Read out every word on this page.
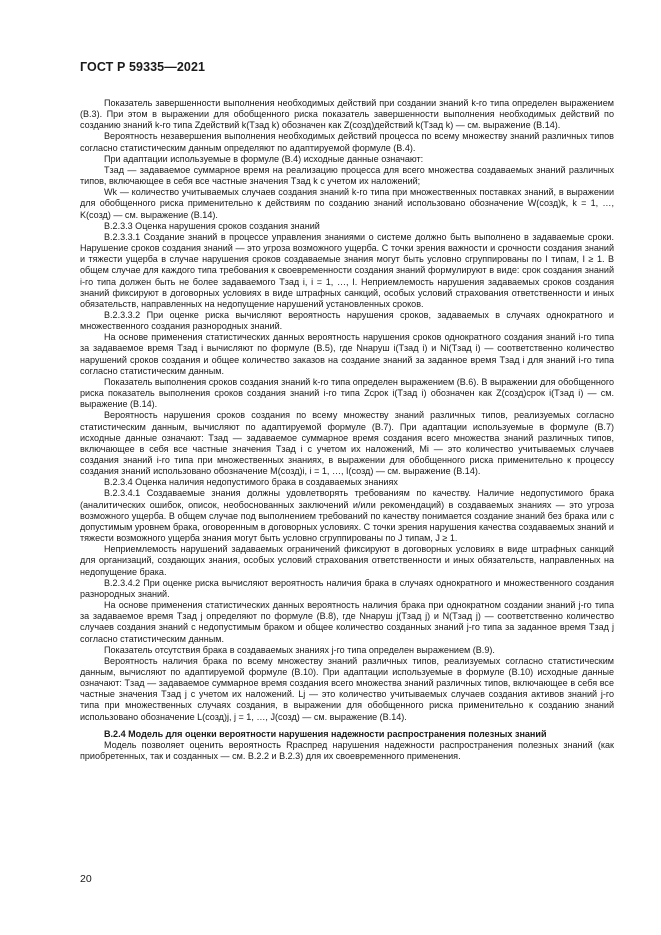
ГОСТ Р 59335—2021

Показатель завершенности выполнения необходимых действий при создании знаний k-го типа определен выражением (B.3). При этом в выражении для обобщенного риска показатель завершенности выполнения необходимых действий по созданию знаний k-го типа Zдействий k(Tзад k) обозначен как Z(созд)действий k(Tзад k) — см. выражение (B.14).

Вероятность незавершения выполнения необходимых действий процесса по всему множеству знаний различных типов согласно статистическим данным определяют по адаптируемой формуле (B.4).

При адаптации используемые в формуле (B.4) исходные данные означают:

Tзад — задаваемое суммарное время на реализацию процесса для всего множества создаваемых знаний различных типов, включающее в себя все частные значения Tзад k с учетом их наложений;

Wk — количество учитываемых случаев создания знаний k-го типа при множественных поставках знаний, в выражении для обобщенного риска применительно к действиям по созданию знаний использовано обозначение W(созд)k, k = 1, …, K(созд) — см. выражение (B.14).

B.2.3.3 Оценка нарушения сроков создания знаний

B.2.3.3.1 Создание знаний в процессе управления знаниями о системе должно быть выполнено в задаваемые сроки. Нарушение сроков создания знаний — это угроза возможного ущерба. С точки зрения важности и срочности создания знаний и тяжести ущерба в случае нарушения сроков создаваемые знания могут быть условно сгруппированы по I типам, I ≥ 1. В общем случае для каждого типа требования к своевременности создания знаний формулируют в виде: срок создания знаний i-го типа должен быть не более задаваемого Tзад i, i = 1, …, I. Неприемлемость нарушения задаваемых сроков создания знаний фиксируют в договорных условиях в виде штрафных санкций, особых условий страхования ответственности и иных обязательств, направленных на недопущение нарушений установленных сроков.

B.2.3.3.2 При оценке риска вычисляют вероятность нарушения сроков, задаваемых в случаях однократного и множественного создания разнородных знаний.

На основе применения статистических данных вероятность нарушения сроков однократного создания знаний i-го типа за задаваемое время Tзад i вычисляют по формуле (B.5), где Nнаруш i(Tзад i) и Ni(Tзад i) — соответственно количество нарушений сроков создания и общее количество заказов на создание знаний за заданное время Tзад i для знаний i-го типа согласно статистическим данным.

Показатель выполнения сроков создания знаний k-го типа определен выражением (B.6). В выражении для обобщенного риска показатель выполнения сроков создания знаний i-го типа Zсрок i(Tзад i) обозначен как Z(созд)срок i(Tзад i) — см. выражение (B.14).

Вероятность нарушения сроков создания по всему множеству знаний различных типов, реализуемых согласно статистическим данным, вычисляют по адаптируемой формуле (B.7). При адаптации используемые в формуле (B.7) исходные данные означают: Tзад — задаваемое суммарное время создания всего множества знаний различных типов, включающее в себя все частные значения Tзад i с учетом их наложений, Mi — это количество учитываемых случаев создания знаний i-го типа при множественных знаниях, в выражении для обобщенного риска применительно к процессу создания знаний использовано обозначение M(созд)i, i = 1, …, I(созд) — см. выражение (B.14).

B.2.3.4 Оценка наличия недопустимого брака в создаваемых знаниях

B.2.3.4.1 Создаваемые знания должны удовлетворять требованиям по качеству. Наличие недопустимого брака (аналитических ошибок, описок, необоснованных заключений и/или рекомендаций) в создаваемых знаниях — это угроза возможного ущерба. В общем случае под выполнением требований по качеству понимается создание знаний без брака или с допустимым уровнем брака, оговоренным в договорных условиях. С точки зрения нарушения качества создаваемых знаний и тяжести возможного ущерба знания могут быть условно сгруппированы по J типам, J ≥ 1.

Неприемлемость нарушений задаваемых ограничений фиксируют в договорных условиях в виде штрафных санкций для организаций, создающих знания, особых условий страхования ответственности и иных обязательств, направленных на недопущение брака.

B.2.3.4.2 При оценке риска вычисляют вероятность наличия брака в случаях однократного и множественного создания разнородных знаний.

На основе применения статистических данных вероятность наличия брака при однократном создании знаний j-го типа за задаваемое время Tзад j определяют по формуле (B.8), где Nнаруш j(Tзад j) и N(Tзад j) — соответственно количество случаев создания знаний с недопустимым браком и общее количество созданных знаний j-го типа за заданное время Tзад j согласно статистическим данным.

Показатель отсутствия брака в создаваемых знаниях j-го типа определен выражением (B.9).

Вероятность наличия брака по всему множеству знаний различных типов, реализуемых согласно статистическим данным, вычисляют по адаптируемой формуле (B.10). При адаптации используемые в формуле (B.10) исходные данные означают: Tзад — задаваемое суммарное время создания всего множества знаний различных типов, включающее в себя все частные значения Tзад j с учетом их наложений. Lj — это количество учитываемых случаев создания активов знаний j-го типа при множественных случаях создания, в выражении для обобщенного риска применительно к созданию знаний использовано обозначение L(созд)j, j = 1, …, J(созд) — см. выражение (B.14).

B.2.4 Модель для оценки вероятности нарушения надежности распространения полезных знаний

Модель позволяет оценить вероятность Rраспред нарушения надежности распространения полезных знаний (как приобретенных, так и созданных — см. B.2.2 и B.2.3) для их своевременного применения.

20
